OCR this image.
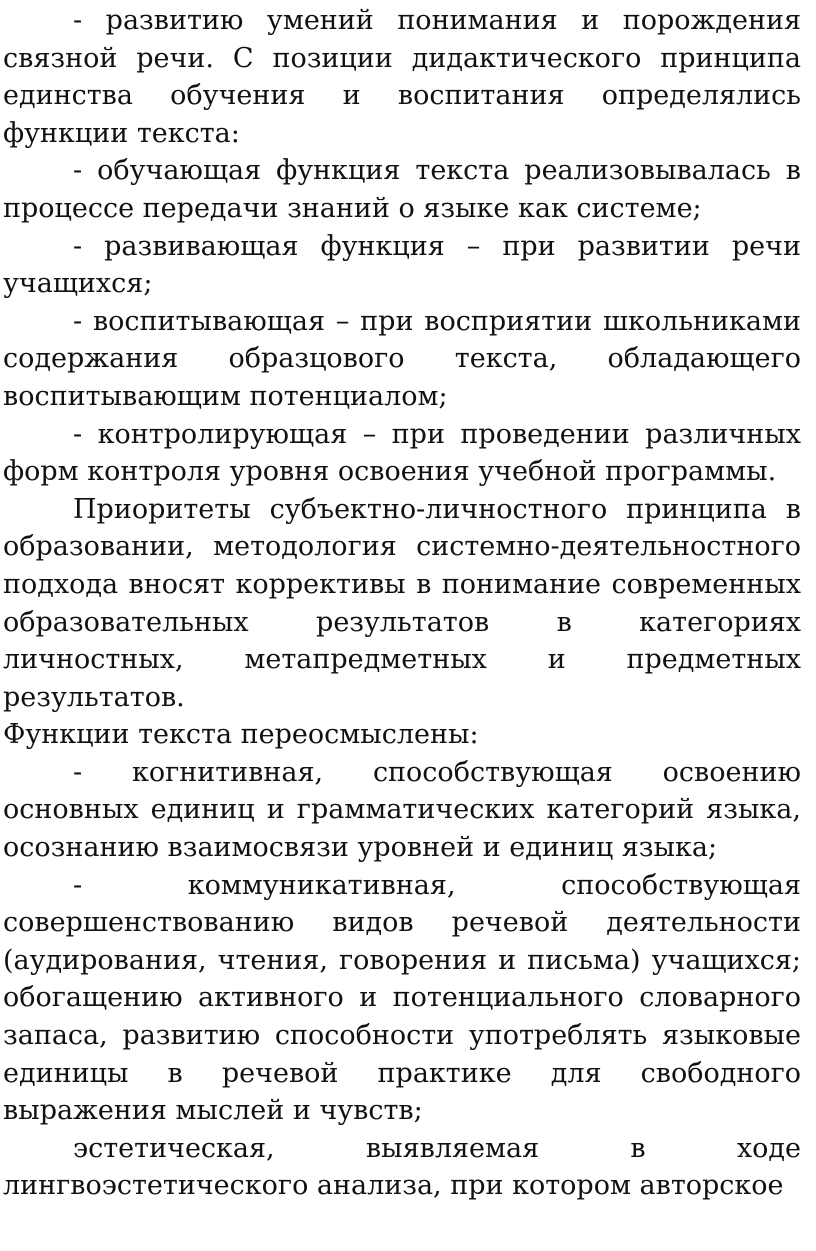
- развитию умений понимания и порождения связной речи. С позиции дидактического принципа единства обучения и воспитания определялись функции текста:

- обучающая функция текста реализовывалась в процессе передачи знаний о языке как системе;

- развивающая функция – при развитии речи учащихся;

- воспитывающая – при восприятии школьниками содержания образцового текста, обладающего воспитывающим потенциалом;

- контролирующая – при проведении различных форм контроля уровня освоения учебной программы.

Приоритеты субъектно-личностного принципа в образовании, методология системно-деятельностного подхода вносят коррективы в понимание современных образовательных результатов в категориях личностных, метапредметных и предметных результатов.

Функции текста переосмыслены:

- когнитивная, способствующая освоению основных единиц и грамматических категорий языка, осознанию взаимосвязи уровней и единиц языка;

- коммуникативная, способствующая совершенствованию видов речевой деятельности (аудирования, чтения, говорения и письма) учащихся; обогащению активного и потенциального словарного запаса, развитию способности употреблять языковые единицы в речевой практике для свободного выражения мыслей и чувств;

эстетическая, выявляемая в ходе лингвоэстетического анализа, при котором авторское
